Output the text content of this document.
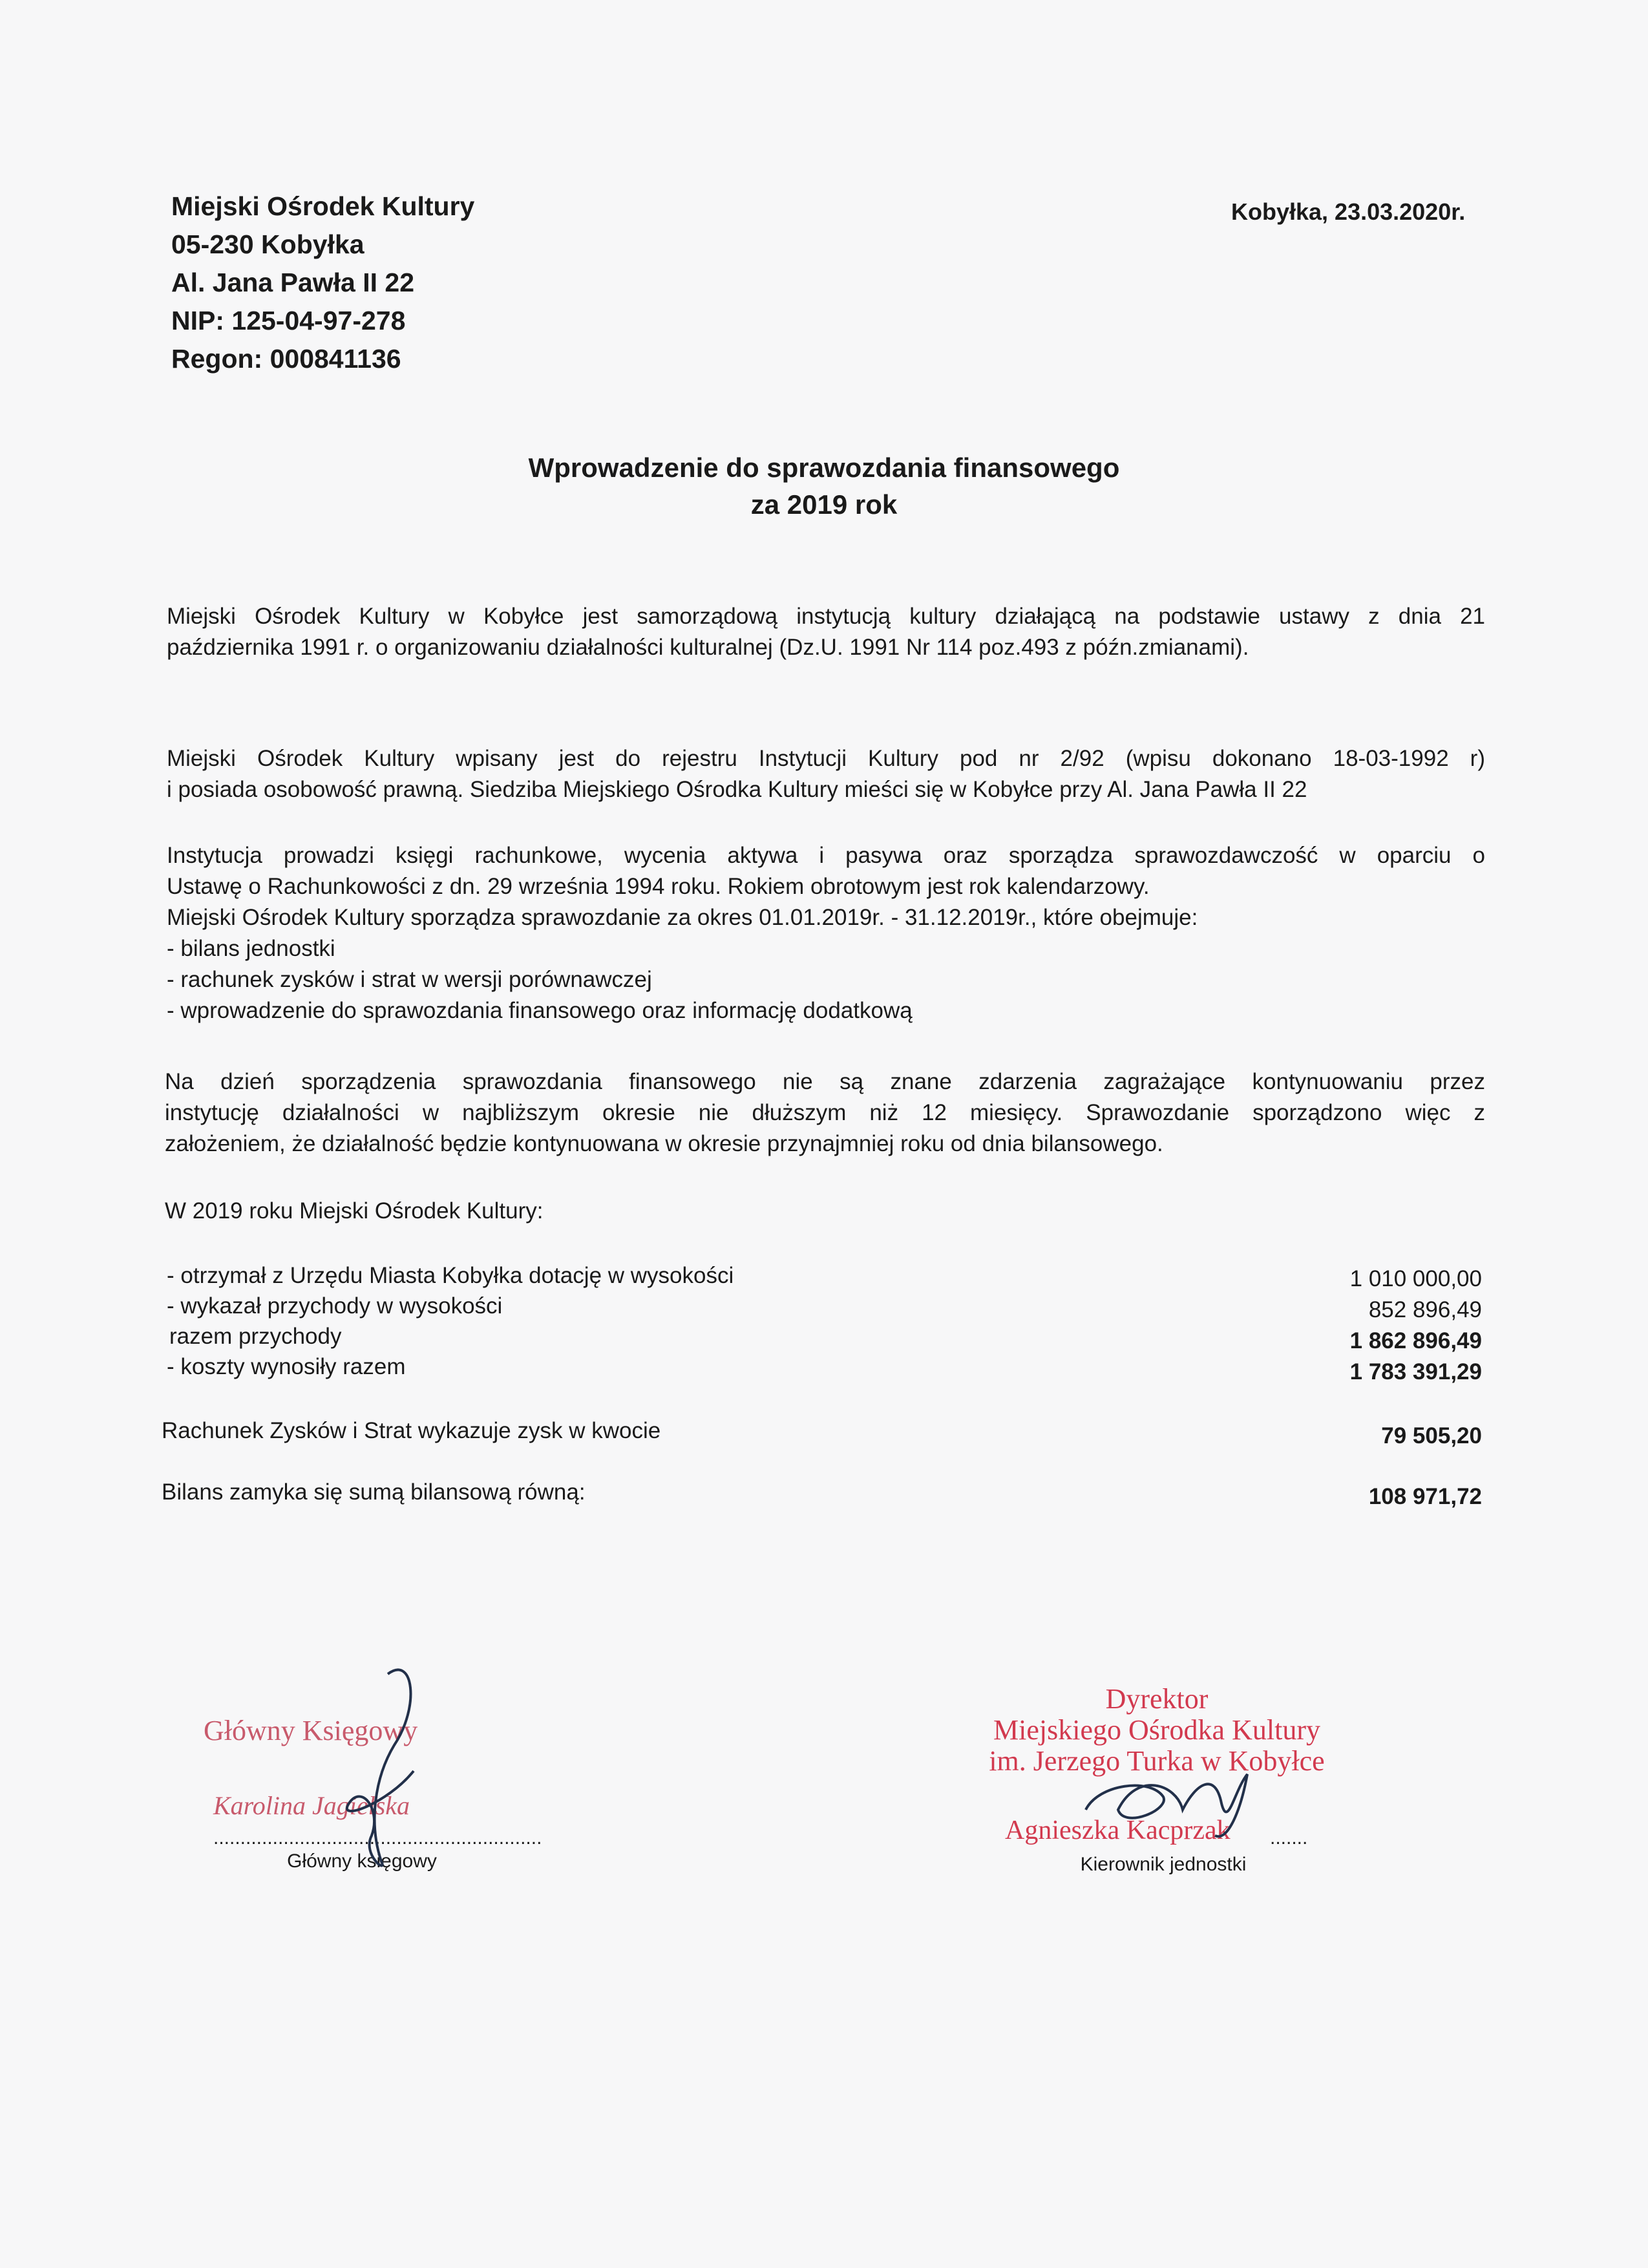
Miejski Ośrodek Kultury
05-230 Kobyłka
Al. Jana Pawła II 22
NIP: 125-04-97-278
Regon: 000841136
Kobyłka, 23.03.2020r.
Wprowadzenie do sprawozdania finansowego
za 2019 rok
Miejski Ośrodek Kultury w Kobyłce jest samorządową instytucją kultury działającą na podstawie ustawy z dnia 21
października 1991 r. o organizowaniu działalności kulturalnej (Dz.U. 1991 Nr 114 poz.493 z późn.zmianami).
Miejski Ośrodek Kultury wpisany jest do rejestru Instytucji Kultury pod nr 2/92 (wpisu dokonano 18-03-1992 r)
i posiada osobowość prawną. Siedziba Miejskiego Ośrodka Kultury mieści się w Kobyłce przy Al. Jana Pawła II 22
Instytucja prowadzi księgi rachunkowe, wycenia aktywa i pasywa oraz sporządza sprawozdawczość w oparciu o
Ustawę o Rachunkowości z dn. 29 września 1994 roku. Rokiem obrotowym jest rok kalendarzowy.
Miejski Ośrodek Kultury sporządza sprawozdanie za okres 01.01.2019r. - 31.12.2019r., które obejmuje:
- bilans jednostki
- rachunek zysków i strat w wersji porównawczej
- wprowadzenie do sprawozdania finansowego oraz informację dodatkową
Na dzień sporządzenia sprawozdania finansowego nie są znane zdarzenia zagrażające kontynuowaniu przez
instytucję działalności w najbliższym okresie nie dłuższym niż 12 miesięcy. Sprawozdanie sporządzono więc z
założeniem, że działalność będzie kontynuowana w okresie przynajmniej roku od dnia bilansowego.
W 2019 roku Miejski Ośrodek Kultury:
- otrzymał z Urzędu Miasta Kobyłka dotację w wysokości	1 010 000,00
- wykazał przychody w wysokości	852 896,49
razem przychody	1 862 896,49
- koszty wynosiły razem	1 783 391,29
Rachunek Zysków i Strat wykazuje zysk w kwocie	79 505,20
Bilans zamyka się sumą bilansową równą:	108 971,72
Główny Księgowy
Karolina Jagielska
.............................................................
Główny księgowy
Dyrektor
Miejskiego Ośrodka Kultury
im. Jerzego Turka w Kobyłce
Agnieszka Kacprzak .......
Kierownik jednostki
